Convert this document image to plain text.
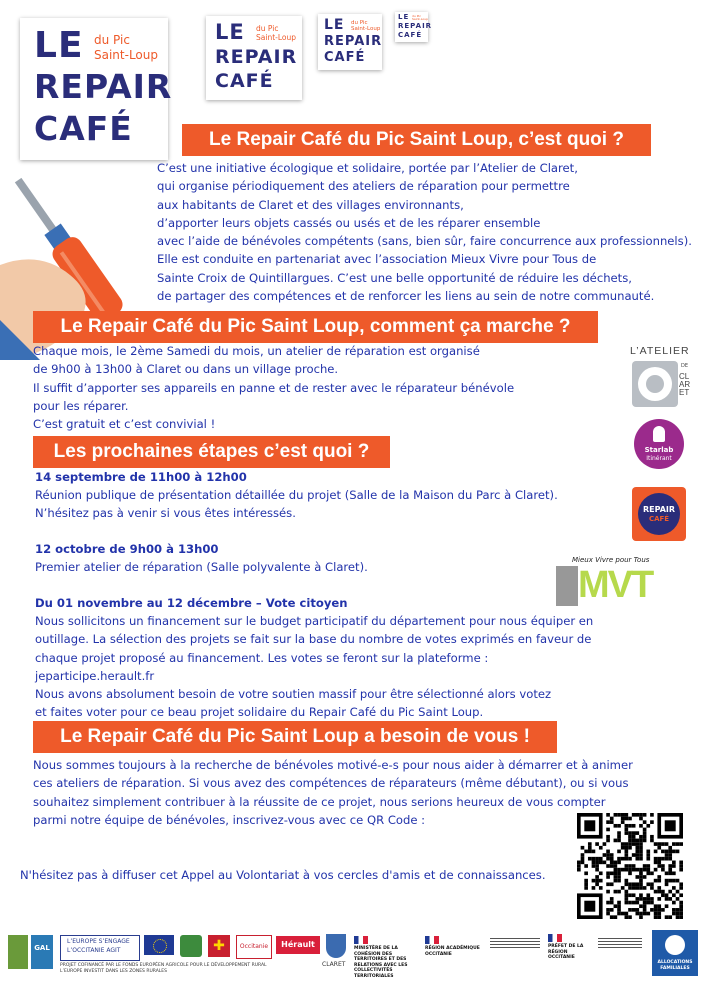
LE du Pic
Saint-Loup
REPAIR
CAFÉ
LE du Pic
Saint-Loup
REPAIR
CAFÉ
LE du Pic
Saint-Loup
REPAIR
CAFÉ
LE du Pic
Saint-Loup
REPAIR
CAFÉ
Le Repair Café du Pic Saint Loup, c’est quoi ?
C’est une initiative écologique et solidaire, portée par l’Atelier de Claret,
qui organise périodiquement des ateliers de réparation pour permettre
aux habitants de Claret et des villages environnants,
d’apporter leurs objets cassés ou usés et de les réparer ensemble
avec l’aide de bénévoles compétents (sans, bien sûr, faire concurrence aux professionnels).
Elle est conduite en partenariat avec l’association Mieux Vivre pour Tous de
Sainte Croix de Quintillargues. C’est une belle opportunité de réduire les déchets,
de partager des compétences et de renforcer les liens au sein de notre communauté.
Le Repair Café du Pic Saint Loup, comment ça marche ?
Chaque mois, le 2ème Samedi du mois, un atelier de réparation est organisé
de 9h00 à 13h00 à Claret ou dans un village proche.
Il suffit d’apporter ses appareils en panne et de rester avec le réparateur bénévole
pour les réparer.
C’est gratuit et c’est convivial !
Les prochaines étapes c’est quoi ?
14 septembre de 11h00 à 12h00
Réunion publique de présentation détaillée du projet (Salle de la Maison du Parc à Claret).
N’hésitez pas à venir si vous êtes intéressés.
12 octobre de 9h00 à 13h00
Premier atelier de réparation (Salle polyvalente à Claret).
Du 01 novembre au 12 décembre – Vote citoyen
Nous sollicitons un financement sur le budget participatif du département pour nous équiper en
outillage. La sélection des projets se fait sur la base du nombre de votes exprimés en faveur de
chaque projet proposé au financement. Les votes se feront sur la plateforme :
jeparticipe.herault.fr
Nous avons absolument besoin de votre soutien massif pour être sélectionné alors votez
et faites voter pour ce beau projet solidaire du Repair Café du Pic Saint Loup.
Le Repair Café du Pic Saint Loup a besoin de vous !
Nous sommes toujours à la recherche de bénévoles motivé-e-s pour nous aider à démarrer et à animer
ces ateliers de réparation. Si vous avez des compétences de réparateurs (même débutant), ou si vous
souhaitez simplement contribuer à la réussite de ce projet, nous serions heureux de vous compter
parmi notre équipe de bénévoles, inscrivez-vous avec ce QR Code :
N'hésitez pas à diffuser cet Appel au Volontariat à vos cercles d'amis et de connaissances.
L’ATELIER
DE
CLARET
Starlab
Itinérant
REPAIR
CAFÉ
Mieux Vivre pour Tous
MVT
GAL
L’EUROPE S’ENGAGE
L’OCCITANIE AGIT	✚	Occitanie	Hérault
CLARET
MINISTÈRE DE LA COHÉSION DES TERRITOIRES ET DES RELATIONS AVEC LES COLLECTIVITÉS TERRITORIALES
RÉGION ACADÉMIQUE OCCITANIE
PRÉFET DE LA RÉGION OCCITANIE
ALLOCATIONS FAMILIALES
PROJET COFINANCÉ PAR LE FONDS EUROPÉEN AGRICOLE POUR LE DÉVELOPPEMENT RURAL
L’EUROPE INVESTIT DANS LES ZONES RURALES
